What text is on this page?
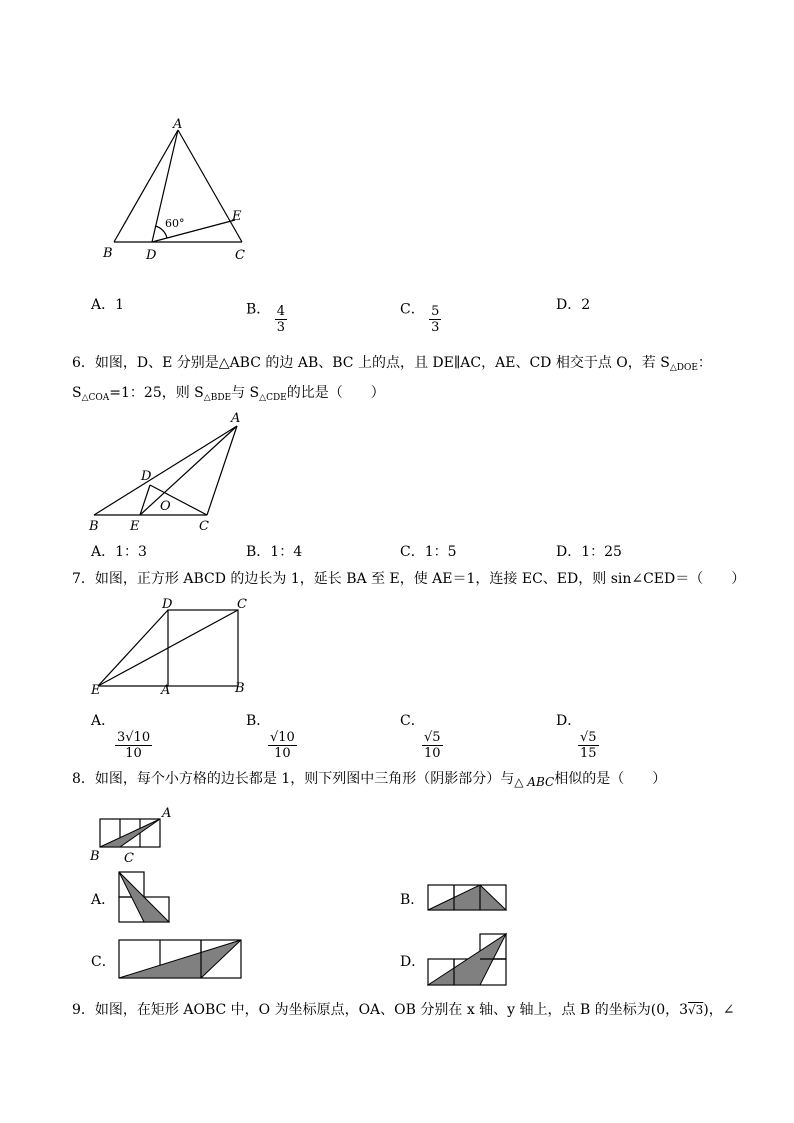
A
B	D	C
E
60°
A．1	B． $\frac{4}{3}$	C． $\frac{5}{3}$	D．2
6．如图，D、E 分别是△ABC 的边 AB、BC 上的点，且 DE∥AC，AE、CD 相交于点 O，若 $S_{\triangle DOE}$：
$S_{\triangle COA}=1$：25，则 $S_{\triangle BDE}$与 $S_{\triangle CDE}$的比是（　　）
A
D
O
B E	C
A．1：3	B．1：4	C．1：5	D．1：25
7．如图，正方形 ABCD 的边长为 1，延长 BA 至 E，使 AE＝1，连接 EC、ED，则 sin∠CED＝（　　）
D	C
E	A	B
A．

$\frac{3√10}{10}$
B．

$\frac{√10}{10}$
C．

$\frac{√5}{10}$
D．

$\frac{√5}{15}$
8．如图，每个小方格的边长都是 1，则下列图中三角形（阴影部分）与△ ABC相似的是（　　）
A
B C
A．	B．
C．	D．
9．如图，在矩形 AOBC 中，O 为坐标原点，OA、OB 分别在 x 轴、y 轴上，点 B 的坐标为(0，3√3)，∠
